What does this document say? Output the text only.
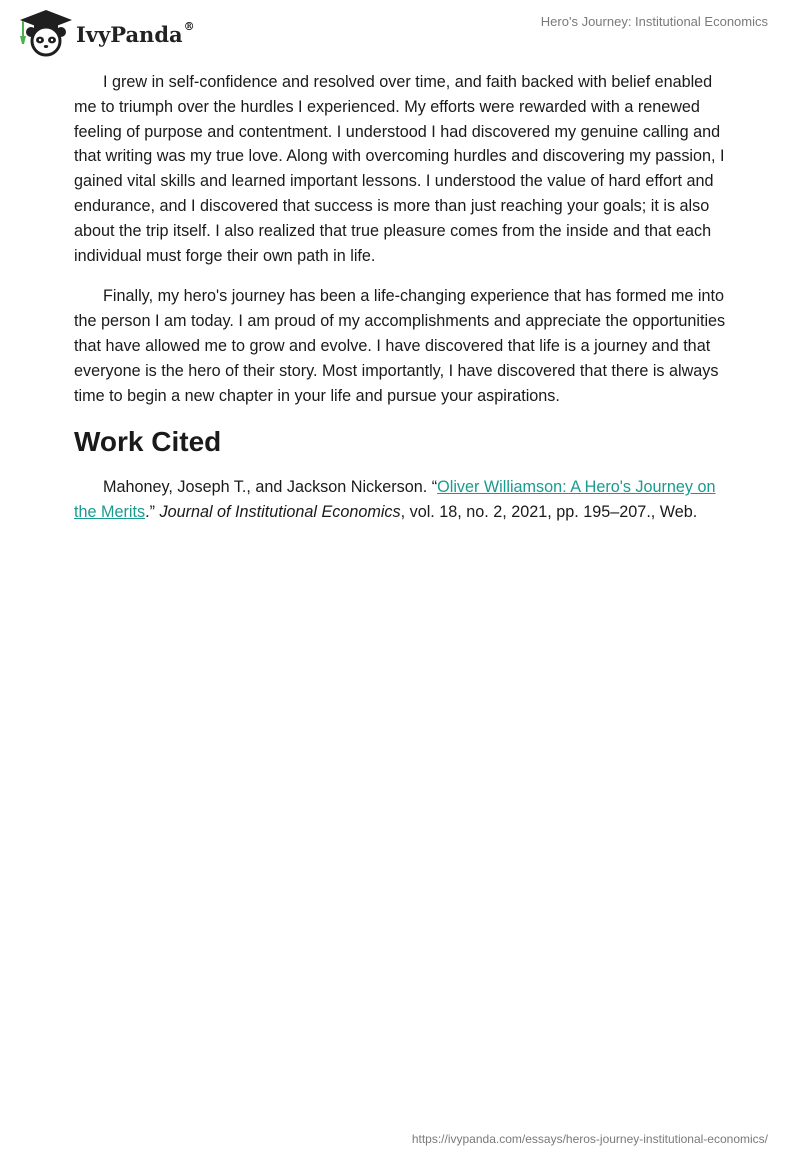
IvyPanda®	Hero's Journey: Institutional Economics

I grew in self-confidence and resolved over time, and faith backed with belief enabled me to triumph over the hurdles I experienced. My efforts were rewarded with a renewed feeling of purpose and contentment. I understood I had discovered my genuine calling and that writing was my true love. Along with overcoming hurdles and discovering my passion, I gained vital skills and learned important lessons. I understood the value of hard effort and endurance, and I discovered that success is more than just reaching your goals; it is also about the trip itself. I also realized that true pleasure comes from the inside and that each individual must forge their own path in life.

Finally, my hero's journey has been a life-changing experience that has formed me into the person I am today. I am proud of my accomplishments and appreciate the opportunities that have allowed me to grow and evolve. I have discovered that life is a journey and that everyone is the hero of their story. Most importantly, I have discovered that there is always time to begin a new chapter in your life and pursue your aspirations.

Work Cited

Mahoney, Joseph T., and Jackson Nickerson. “Oliver Williamson: A Hero's Journey on the Merits.” Journal of Institutional Economics, vol. 18, no. 2, 2021, pp. 195–207., Web.

https://ivypanda.com/essays/heros-journey-institutional-economics/
